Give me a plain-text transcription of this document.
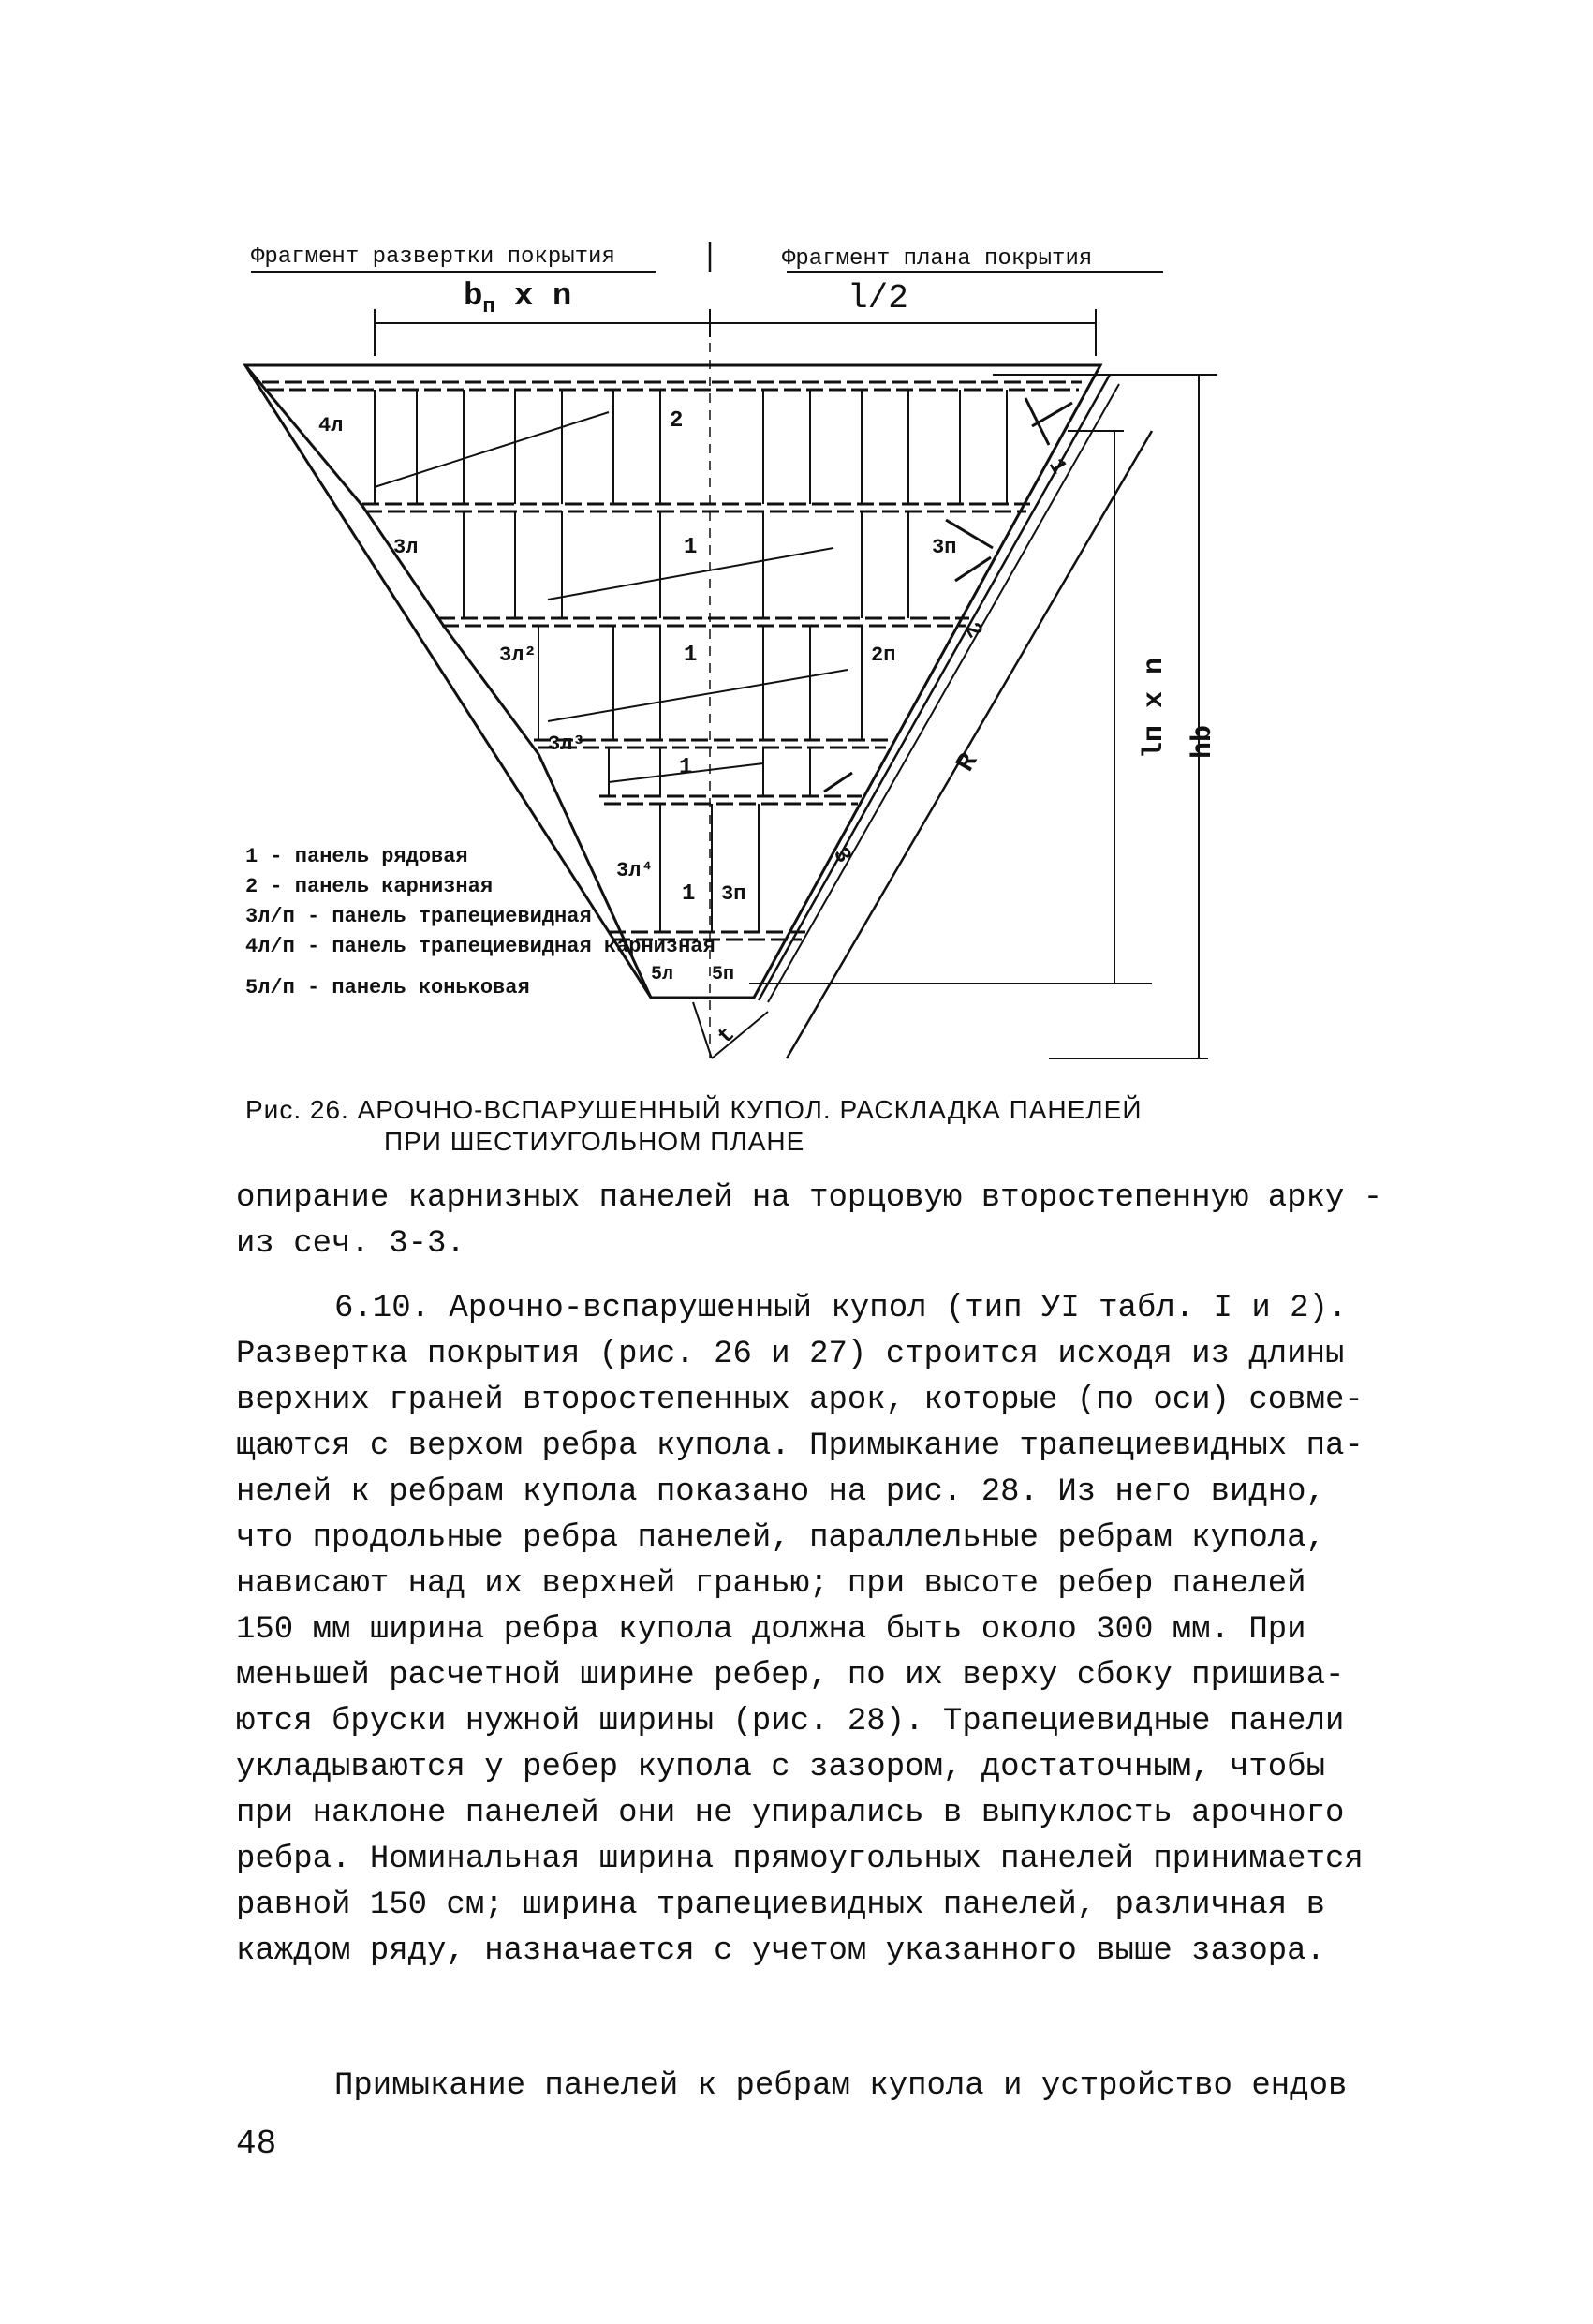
Фрагмент развертки покрытия	Фрагмент плана покрытия
$b_п$ x n	l/2
4л	2
3л	1	3п
3л²	1	2п
3л³
1
3л⁴
1 3п
5л 5п
1
2
3
lп x n hb
R
t
1 - панель рядовая
2 - панель карнизная
3л/п - панель трапециевидная
4л/п - панель трапециевидная карнизная
5л/п - панель коньковая
Рис. 26. АРОЧНО-ВСПАРУШЕННЫЙ КУПОЛ. РАСКЛАДКА ПАНЕЛЕЙ
ПРИ ШЕСТИУГОЛЬНОМ ПЛАНЕ

опирание карнизных панелей на торцовую второстепенную арку -
из сеч. 3-3.

6.10. Арочно-вспарушенный купол (тип УI табл. I и 2).
Развертка покрытия (рис. 26 и 27) строится исходя из длины
верхних граней второстепенных арок, которые (по оси) совме-
щаются с верхом ребра купола. Примыкание трапециевидных па-
нелей к ребрам купола показано на рис. 28. Из него видно,
что продольные ребра панелей, параллельные ребрам купола,
нависают над их верхней гранью; при высоте ребер панелей
150 мм ширина ребра купола должна быть около 300 мм. При
меньшей расчетной ширине ребер, по их верху сбоку пришива-
ются бруски нужной ширины (рис. 28). Трапециевидные панели
укладываются у ребер купола с зазором, достаточным, чтобы
при наклоне панелей они не упирались в выпуклость арочного
ребра. Номинальная ширина прямоугольных панелей принимается
равной 150 см; ширина трапециевидных панелей, различная в
каждом ряду, назначается с учетом указанного выше зазора.

Примыкание панелей к ребрам купола и устройство ендов

48
